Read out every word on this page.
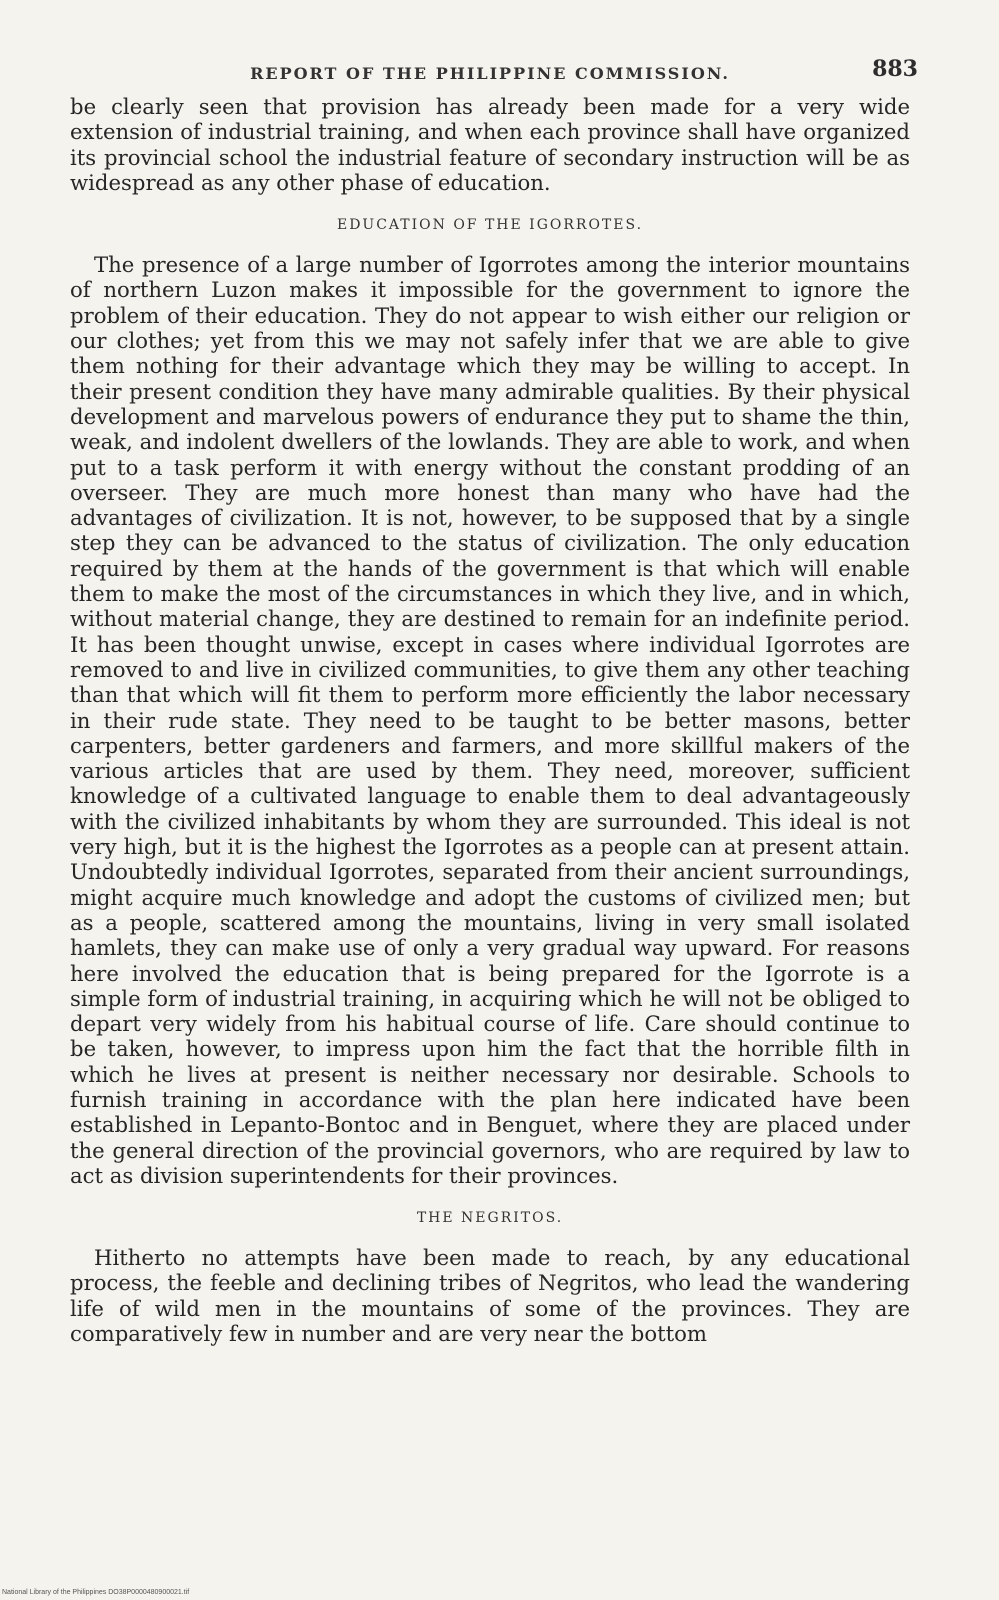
REPORT OF THE PHILIPPINE COMMISSION.	883

be clearly seen that provision has already been made for a very wide extension of industrial training, and when each province shall have organized its provincial school the industrial feature of secondary instruction will be as widespread as any other phase of education.

EDUCATION OF THE IGORROTES.

The presence of a large number of Igorrotes among the interior mountains of northern Luzon makes it impossible for the government to ignore the problem of their education. They do not appear to wish either our religion or our clothes; yet from this we may not safely infer that we are able to give them nothing for their advantage which they may be willing to accept. In their present condition they have many admirable qualities. By their physical development and marvelous powers of endurance they put to shame the thin, weak, and indolent dwellers of the lowlands. They are able to work, and when put to a task perform it with energy without the constant prodding of an overseer. They are much more honest than many who have had the advantages of civilization. It is not, however, to be supposed that by a single step they can be advanced to the status of civilization. The only education required by them at the hands of the government is that which will enable them to make the most of the circumstances in which they live, and in which, without material change, they are destined to remain for an indefinite period. It has been thought unwise, except in cases where individual Igorrotes are removed to and live in civilized communities, to give them any other teaching than that which will fit them to perform more efficiently the labor necessary in their rude state. They need to be taught to be better masons, better carpenters, better gardeners and farmers, and more skillful makers of the various articles that are used by them. They need, moreover, sufficient knowledge of a cultivated language to enable them to deal advantageously with the civilized inhabitants by whom they are surrounded. This ideal is not very high, but it is the highest the Igorrotes as a people can at present attain. Undoubtedly individual Igorrotes, separated from their ancient surroundings, might acquire much knowledge and adopt the customs of civilized men; but as a people, scattered among the mountains, living in very small isolated hamlets, they can make use of only a very gradual way upward. For reasons here involved the education that is being prepared for the Igorrote is a simple form of industrial training, in acquiring which he will not be obliged to depart very widely from his habitual course of life. Care should continue to be taken, however, to impress upon him the fact that the horrible filth in which he lives at present is neither necessary nor desirable. Schools to furnish training in accordance with the plan here indicated have been established in Lepanto-Bontoc and in Benguet, where they are placed under the general direction of the provincial governors, who are required by law to act as division superintendents for their provinces.

THE NEGRITOS.

Hitherto no attempts have been made to reach, by any educational process, the feeble and declining tribes of Negritos, who lead the wandering life of wild men in the mountains of some of the provinces. They are comparatively few in number and are very near the bottom

National Library of the Philippines DO38P0000480900021.tif
